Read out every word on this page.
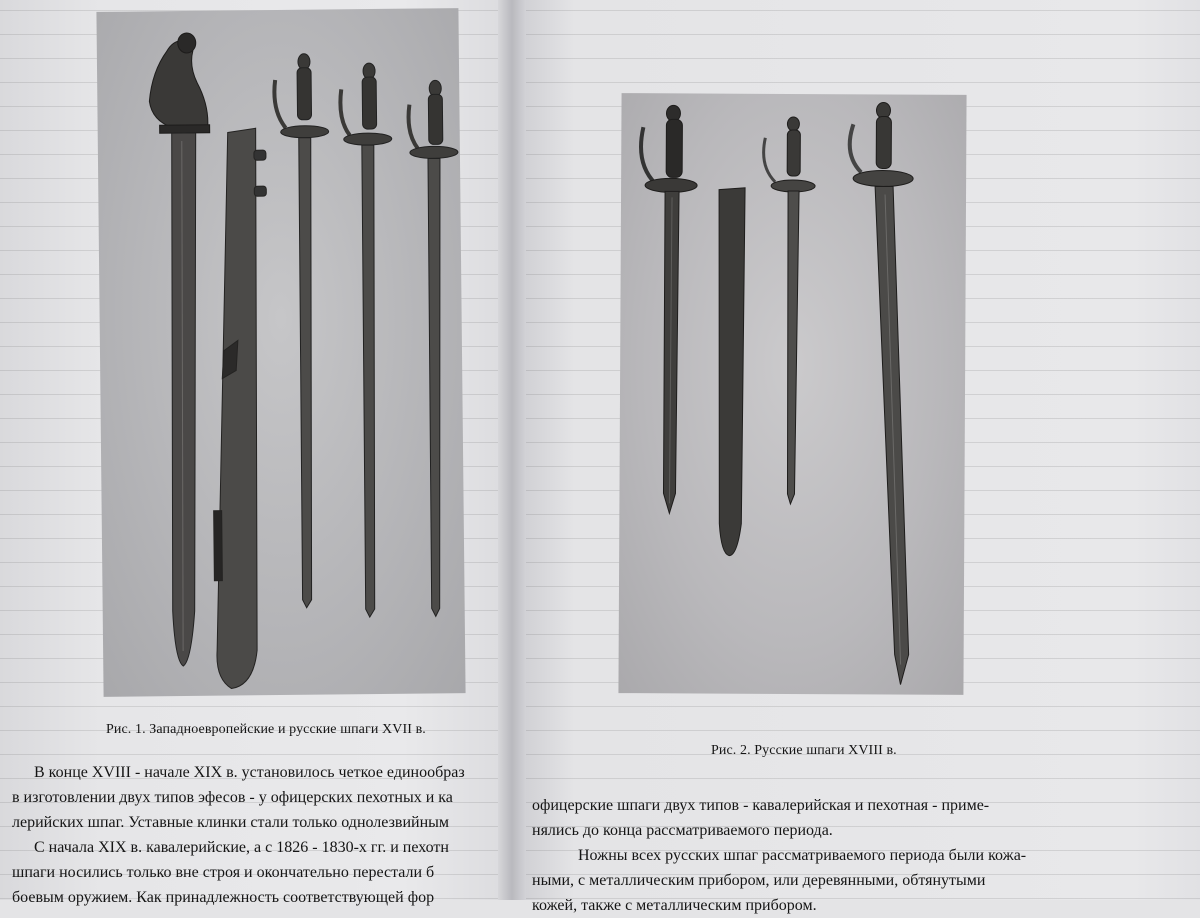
Рис. 1. Западноевропейские и русские шпаги XVII в.
Рис. 2. Русские шпаги XVIII в.
В конце XVIII - начале XIX в. установилось четкое единообраз
в изготовлении двух типов эфесов - у офицерских пехотных и ка
лерийских шпаг. Уставные клинки стали только однолезвийным
С начала XIX в. кавалерийские, а с 1826 - 1830-х гг. и пехотн
шпаги носились только вне строя и окончательно перестали б
боевым оружием. Как принадлежность соответствующей фор
офицерские шпаги двух типов - кавалерийская и пехотная - приме-
нялись до конца рассматриваемого периода.
Ножны всех русских шпаг рассматриваемого периода были кожа-
ными, с металлическим прибором, или деревянными, обтянутыми
кожей, также с металлическим прибором.
